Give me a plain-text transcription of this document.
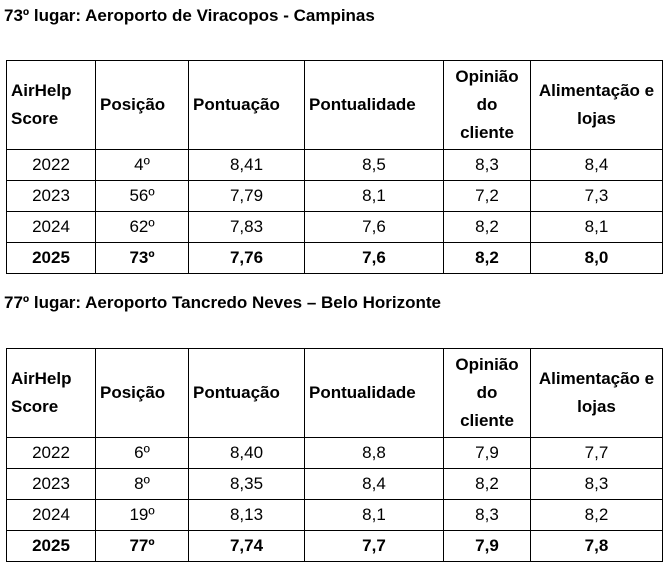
73º lugar: Aeroporto de Viracopos - Campinas
AirHelp Score	Posição	Pontuação	Pontualidade	Opinião do cliente	Alimentação e lojas
2022	4º	8,41	8,5	8,3	8,4
2023	56º	7,79	8,1	7,2	7,3
2024	62º	7,83	7,6	8,2	8,1
2025	73º	7,76	7,6	8,2	8,0
77º lugar: Aeroporto Tancredo Neves – Belo Horizonte
AirHelp Score	Posição	Pontuação	Pontualidade	Opinião do cliente	Alimentação e lojas
2022	6º	8,40	8,8	7,9	7,7
2023	8º	8,35	8,4	8,2	8,3
2024	19º	8,13	8,1	8,3	8,2
2025	77º	7,74	7,7	7,9	7,8
